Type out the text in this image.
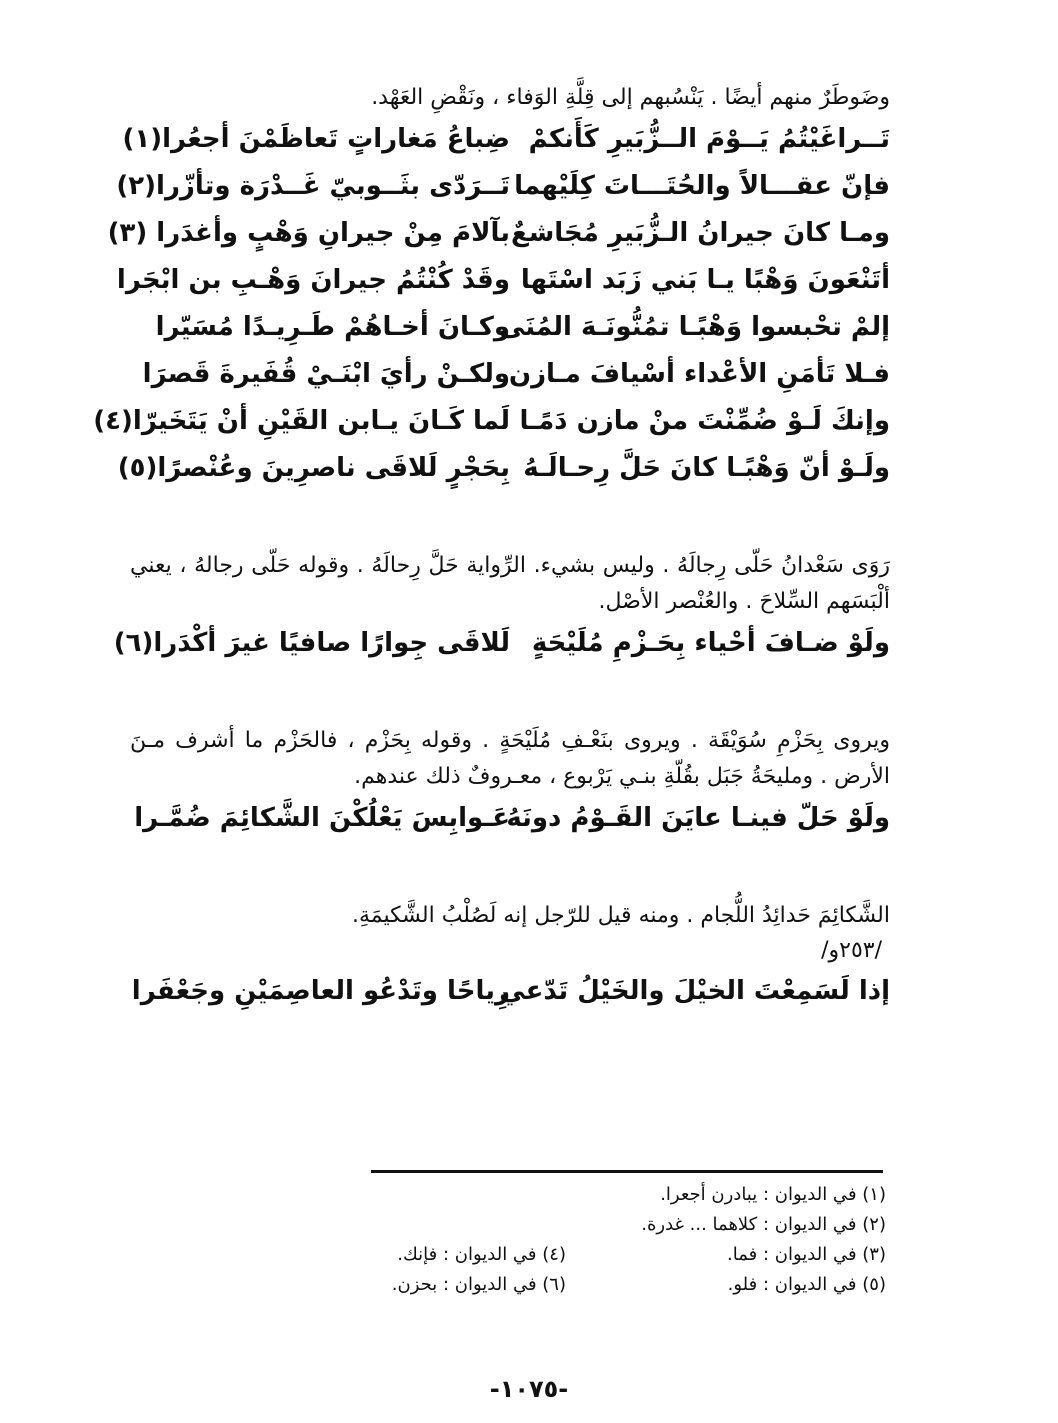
وضَوطَرٌ منهم أيضًا . يَنْسُبهم إلى قِلَّةِ الوَفاء ، ونَقْضِ العَهْد.
تَــراغَيْتُمُ يَــوْمَ الــزُّبَيرِ كَأَنكمْ
ضِباعُ مَغاراتٍ تَعاظَمْنَ أجعُرا(١)
فإنّ عقـــالاً والحُتَـــاتَ كِلَيْهما
تَــرَدّى بثَــوبيّ غَــدْرَة وتأزّرا(٢)
ومـا كانَ جيرانُ الـزُّبَيرِ مُجَاشعٌ
بآلامَ مِنْ جيرانِ وَهْبٍ وأغدَرا (٣)
أتَنْعَونَ وَهْبًا يـا بَني زَبَد اسْتَها
وقَدْ كُنْتُمُ جيرانَ وَهْـبِ بن ابْجَرا
إلمْ تحْبسوا وَهْبًـا تمُنُّونَـهَ المُنَى
وكـانَ أخـاهُمْ طَـرِيـدًا مُسَيّرا
فـلا تَأمَنِ الأعْداء أسْيافَ مـازن
ولكـنْ رأيَ ابْنَـيْ قُفَيرةَ قَصرَا
وإنكَ لَـوْ ضُمِّنْتَ منْ مازن دَمًـا
لَما كَـانَ يـابن القَيْنِ أنْ يَتَخَيرّا(٤)
ولَـوْ أنّ وَهْبًـا كانَ حَلَّ رِحـالَـهُ
بِحَجْرٍ لَلاقَى ناصرِينَ وعُنْصرًا(٥)
رَوَى سَعْدانُ حَلّى رِجالَهُ . وليس بشيء. الرِّواية حَلَّ رِحالَهُ . وقوله حَلّى رجالهُ ، يعني ألْبَسَهم السِّلاحَ . والعُنْصر الأصْل.
ولَوْ ضـافَ أحْياء بِحَـزْمِ مُلَيْحَةٍ
لَلاقَى جِوارًا صافيًا غيرَ أكْدَرا(٦)
ويروى بِحَزْمِ سُوَيْقَة . ويروى بنَعْـفِ مُلَيْحَةٍ . وقوله بِحَزْم ، فالحَزْم ما أشرف مـنَ الأرض . ومليحَةُ جَبَل بقُلّةِ بنـي يَرْبوع ، معـروفٌ ذلك عندهم.
ولَوْ حَلّ فينـا عايَنَ القَـوْمُ دونَهُ
عَـوابِسَ يَعْلُكْنَ الشَّكائِمَ ضُمَّـرا
الشَّكائِمَ حَدائِدُ اللُّجام . ومنه قيل للرّجل إنه لَصُلْبُ الشَّكيمَةِ.
/٢٥٣و/
إذا لَسَمِعْتَ الخيْلَ والخَيْلُ تَدّعي
رِياحًا وتَدْعُو العاصِمَيْنِ وجَعْفَرا
(١) في الديوان : يبادرن أجعرا.
(٢) في الديوان : كلاهما ... غدرة.
(٣) في الديوان : فما.
(٤) في الديوان : فإنك.
(٥) في الديوان : فلو.
(٦) في الديوان : بحزن.
-١٠٧٥-
